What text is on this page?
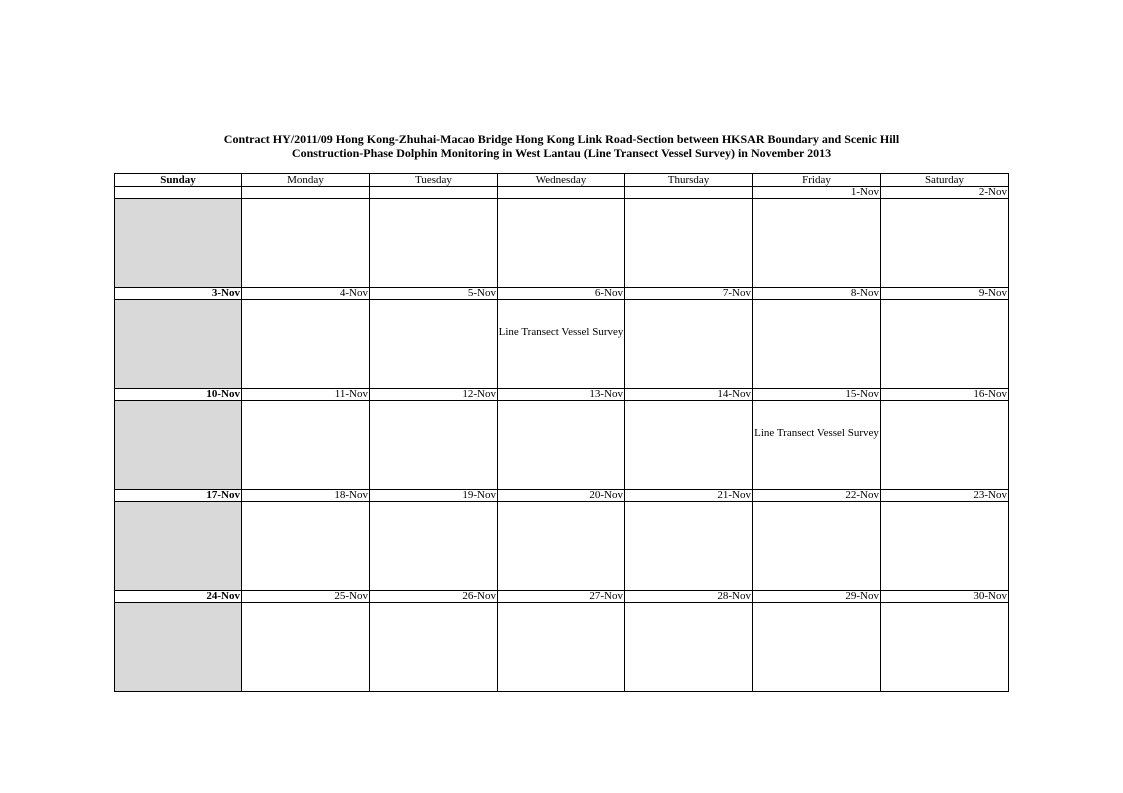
Contract HY/2011/09 Hong Kong-Zhuhai-Macao Bridge Hong Kong Link Road-Section between HKSAR Boundary and Scenic Hill
Construction-Phase Dolphin Monitoring in West Lantau (Line Transect Vessel Survey) in November 2013
Sunday	Monday	Tuesday	Wednesday	Thursday	Friday	Saturday
					1-Nov	2-Nov

3-Nov	4-Nov	5-Nov	6-Nov	7-Nov	8-Nov	9-Nov

			Line Transect Vessel Survey			

10-Nov	11-Nov	12-Nov	13-Nov	14-Nov	15-Nov	16-Nov

					Line Transect Vessel Survey	

17-Nov	18-Nov	19-Nov	20-Nov	21-Nov	22-Nov	23-Nov

24-Nov	25-Nov	26-Nov	27-Nov	28-Nov	29-Nov	30-Nov
